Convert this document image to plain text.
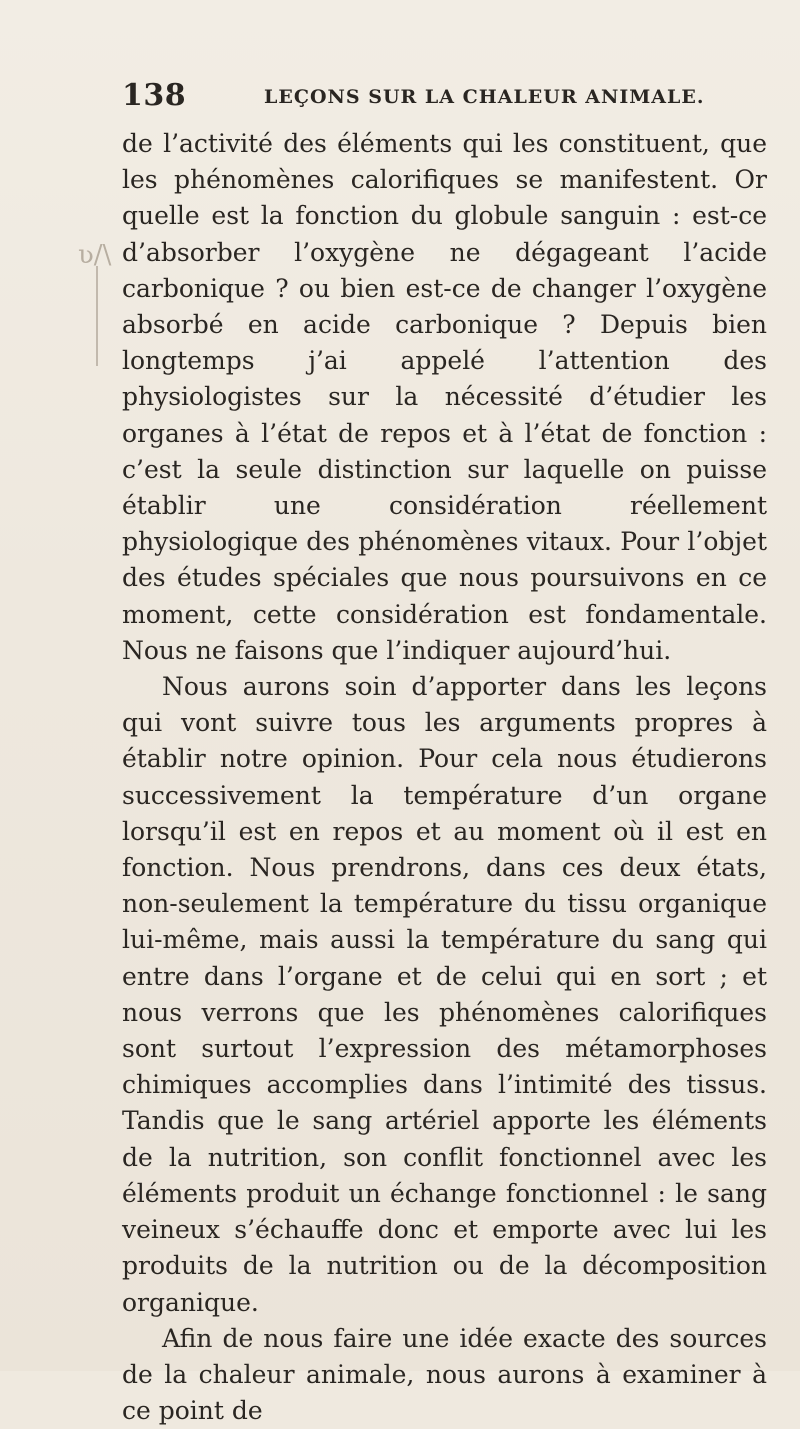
138	LEÇONS SUR LA CHALEUR ANIMALE.
ʋ/\

de l’activité des éléments qui les constituent, que les phénomènes calorifiques se manifestent. Or quelle est la fonction du globule sanguin : est-ce d’absorber l’oxygène ne dégageant l’acide carbonique ? ou bien est-ce de changer l’oxygène absorbé en acide carbonique ? Depuis bien longtemps j’ai appelé l’attention des physiologistes sur la nécessité d’étudier les organes à l’état de repos et à l’état de fonction : c’est la seule distinction sur laquelle on puisse établir une considération réellement physiologique des phénomènes vitaux. Pour l’objet des études spéciales que nous poursuivons en ce moment, cette considération est fondamentale. Nous ne faisons que l’indiquer aujourd’hui.

Nous aurons soin d’apporter dans les leçons qui vont suivre tous les arguments propres à établir notre opinion. Pour cela nous étudierons successivement la température d’un organe lorsqu’il est en repos et au moment où il est en fonction. Nous prendrons, dans ces deux états, non-seulement la température du tissu organique lui-même, mais aussi la température du sang qui entre dans l’organe et de celui qui en sort ; et nous verrons que les phénomènes calorifiques sont surtout l’expression des métamorphoses chimiques accomplies dans l’intimité des tissus. Tandis que le sang artériel apporte les éléments de la nutrition, son conflit fonctionnel avec les éléments produit un échange fonctionnel : le sang veineux s’échauffe donc et emporte avec lui les produits de la nutrition ou de la décomposition organique.

Afin de nous faire une idée exacte des sources de la chaleur animale, nous aurons à examiner à ce point de
